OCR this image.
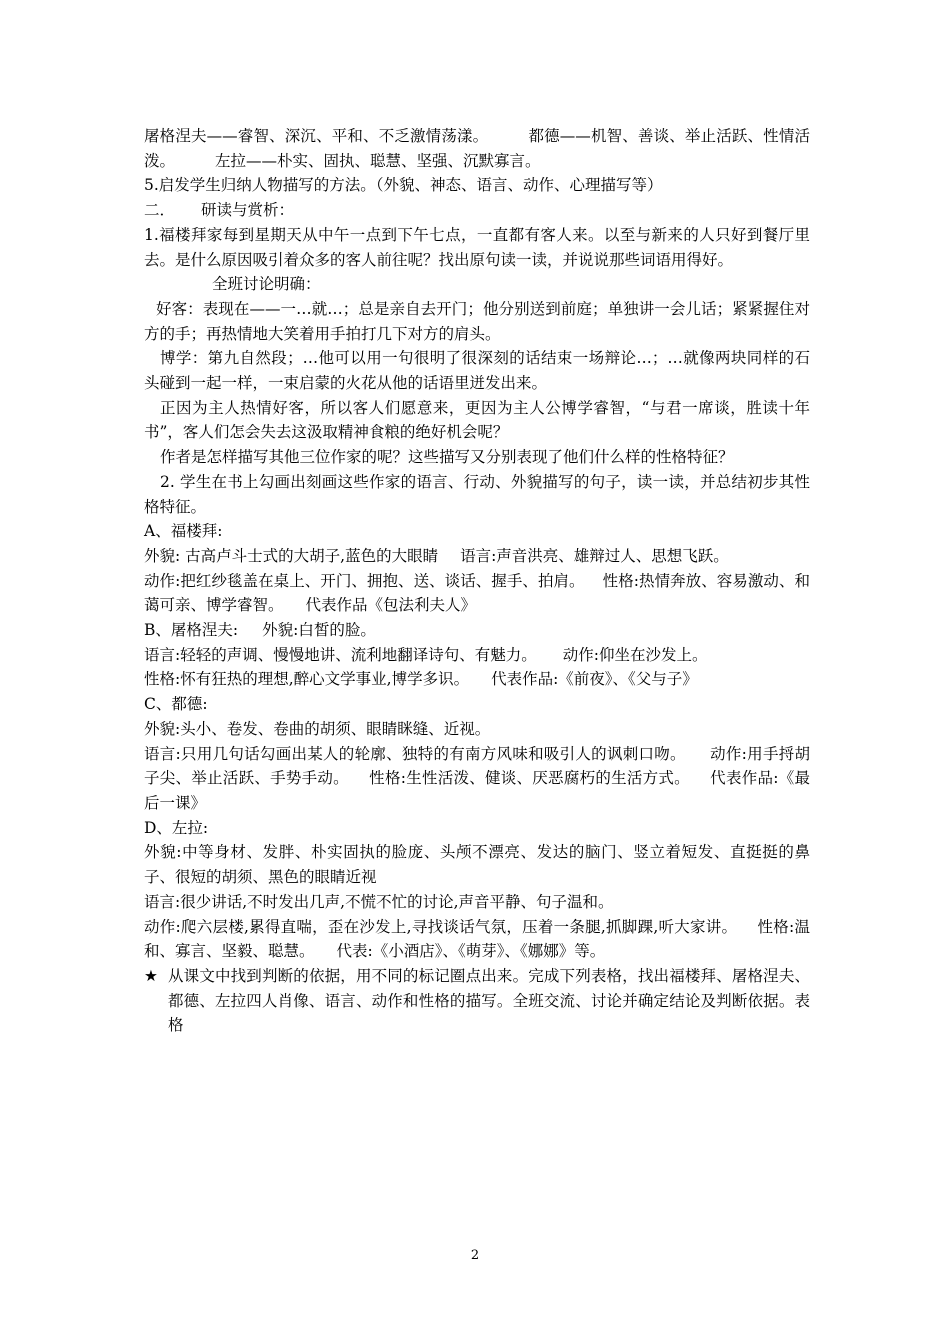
屠格涅夫——睿智、深沉、平和、不乏激情荡漾。	都德——机智、善谈、举止活跃、性情活泼。	左拉——朴实、固执、聪慧、坚强、沉默寡言。

5.启发学生归纳人物描写的方法。（外貌、神态、语言、动作、心理描写等）

二． 研读与赏析：

1.福楼拜家每到星期天从中午一点到下午七点，一直都有客人来。以至与新来的人只好到餐厅里去。是什么原因吸引着众多的客人前往呢？找出原句读一读，并说说那些词语用得好。

全班讨论明确：

好客：表现在——一…就…；总是亲自去开门；他分别送到前庭；单独讲一会儿话；紧紧握住对方的手；再热情地大笑着用手拍打几下对方的肩头。

博学：第九自然段；…他可以用一句很明了很深刻的话结束一场辩论…；…就像两块同样的石头碰到一起一样，一束启蒙的火花从他的话语里迸发出来。

正因为主人热情好客，所以客人们愿意来，更因为主人公博学睿智，“与君一席谈，胜读十年书”，客人们怎会失去这汲取精神食粮的绝好机会呢？

作者是怎样描写其他三位作家的呢？这些描写又分别表现了他们什么样的性格特征？

2. 学生在书上勾画出刻画这些作家的语言、行动、外貌描写的句子，读一读，并总结初步其性格特征。

A、福楼拜:

外貌: 古高卢斗士式的大胡子,蓝色的大眼睛 语言:声音洪亮、雄辩过人、思想飞跃。

动作:把红纱毯盖在桌上、开门、拥抱、送、谈话、握手、拍肩。 性格:热情奔放、容易激动、和蔼可亲、博学睿智。 代表作品《包法利夫人》

B、屠格涅夫: 外貌:白皙的脸。

语言:轻轻的声调、慢慢地讲、流利地翻译诗句、有魅力。 动作:仰坐在沙发上。

性格:怀有狂热的理想,醉心文学事业,博学多识。 代表作品:《前夜》、《父与子》

C、都德:

外貌:头小、卷发、卷曲的胡须、眼睛眯缝、近视。

语言:只用几句话勾画出某人的轮廓、独特的有南方风味和吸引人的讽刺口吻。 动作:用手捋胡子尖、举止活跃、手势手动。 性格:生性活泼、健谈、厌恶腐朽的生活方式。 代表作品:《最后一课》

D、左拉:

外貌:中等身材、发胖、朴实固执的脸庞、头颅不漂亮、发达的脑门、竖立着短发、直挺挺的鼻子、很短的胡须、黑色的眼睛近视

语言:很少讲话,不时发出几声,不慌不忙的讨论,声音平静、句子温和。

动作:爬六层楼,累得直喘，歪在沙发上,寻找谈话气氛，压着一条腿,抓脚踝,听大家讲。 性格:温和、寡言、坚毅、聪慧。 代表:《小酒店》、《萌芽》、《娜娜》等。

★ 从课文中找到判断的依据，用不同的标记圈点出来。完成下列表格，找出福楼拜、屠格涅夫、都德、左拉四人肖像、语言、动作和性格的描写。全班交流、讨论并确定结论及判断依据。表格

2
